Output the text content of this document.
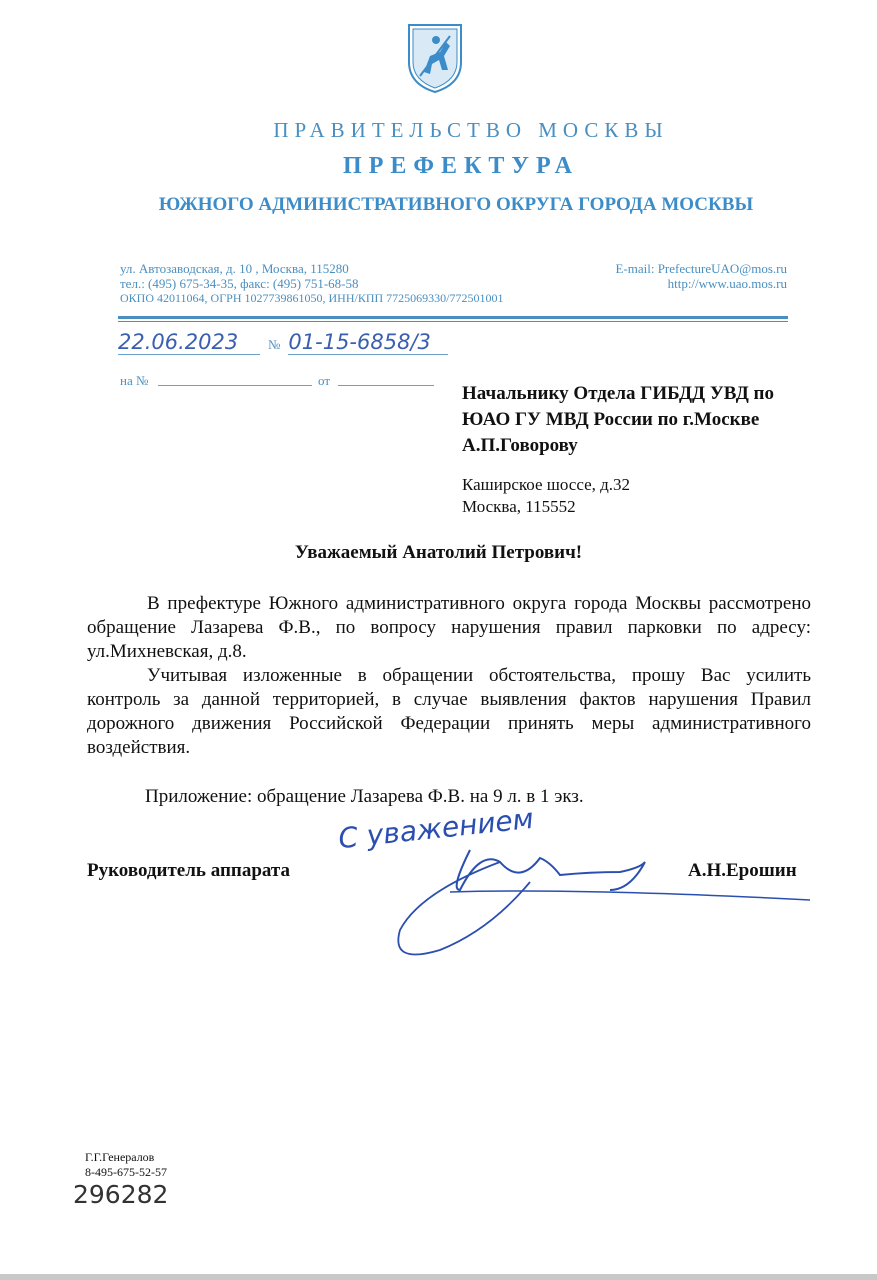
ПРАВИТЕЛЬСТВО МОСКВЫ
ПРЕФЕКТУРА
ЮЖНОГО АДМИНИСТРАТИВНОГО ОКРУГА ГОРОДА МОСКВЫ
ул. Автозаводская, д. 10 , Москва, 115280
тел.: (495) 675-34-35, факс: (495) 751-68-58
ОКПО 42011064, ОГРН 1027739861050, ИНН/КПП 7725069330/772501001
E-mail: PrefectureUAO@mos.ru
http://www.uao.mos.ru
22.06.2023	№ 01-15-6858/3
на №	от
Начальнику Отдела ГИБДД УВД по
ЮАО ГУ МВД России по г.Москве
А.П.Говорову
Каширское шоссе, д.32
Москва, 115552
Уважаемый Анатолий Петрович!
В префектуре Южного административного округа города Москвы рассмотрено обращение Лазарева Ф.В., по вопросу нарушения правил парковки по адресу: ул.Михневская, д.8.
Учитывая изложенные в обращении обстоятельства, прошу Вас усилить контроль за данной территорией, в случае выявления фактов нарушения Правил дорожного движения Российской Федерации принять меры административного воздействия.
Приложение: обращение Лазарева Ф.В. на 9 л. в 1 экз.
Руководитель аппарата
С уважением
А.Н.Ерошин
Г.Г.Генералов
8-495-675-52-57
296282
